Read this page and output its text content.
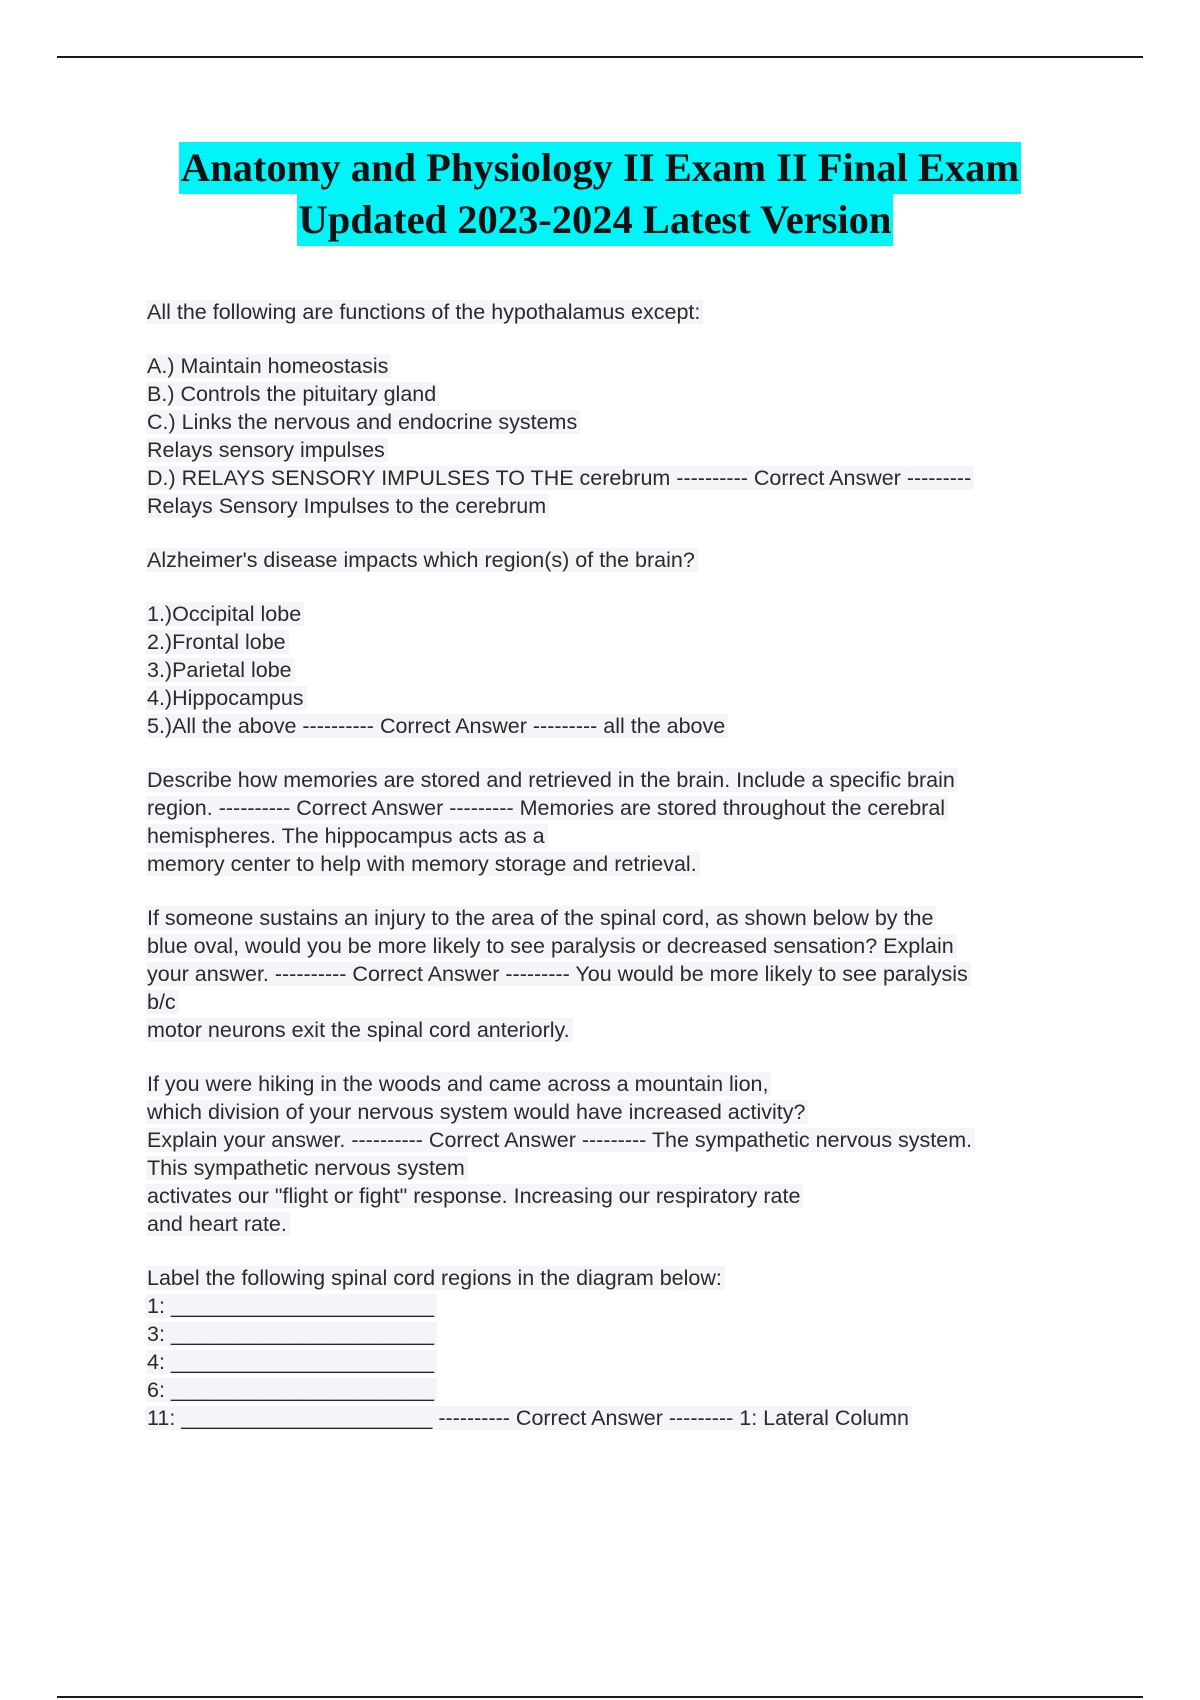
Anatomy and Physiology II Exam II Final Exam
Updated 2023-2024 Latest Version
All the following are functions of the hypothalamus except:
A.) Maintain homeostasis
B.) Controls the pituitary gland
C.) Links the nervous and endocrine systems
Relays sensory impulses
D.) RELAYS SENSORY IMPULSES TO THE cerebrum ---------- Correct Answer ---------
Relays Sensory Impulses to the cerebrum
Alzheimer's disease impacts which region(s) of the brain?
1.)Occipital lobe
2.)Frontal lobe
3.)Parietal lobe
4.)Hippocampus
5.)All the above ---------- Correct Answer --------- all the above
Describe how memories are stored and retrieved in the brain. Include a specific brain
region. ---------- Correct Answer --------- Memories are stored throughout the cerebral
hemispheres. The hippocampus acts as a
memory center to help with memory storage and retrieval.
If someone sustains an injury to the area of the spinal cord, as shown below by the
blue oval, would you be more likely to see paralysis or decreased sensation? Explain
your answer. ---------- Correct Answer --------- You would be more likely to see paralysis
b/c
motor neurons exit the spinal cord anteriorly.
If you were hiking in the woods and came across a mountain lion,
which division of your nervous system would have increased activity?
Explain your answer. ---------- Correct Answer --------- The sympathetic nervous system.
This sympathetic nervous system
activates our "flight or fight" response. Increasing our respiratory rate
and heart rate.
Label the following spinal cord regions in the diagram below:
1: ______________________
3: ______________________
4: ______________________
6: ______________________
11: _____________________ ---------- Correct Answer --------- 1: Lateral Column
